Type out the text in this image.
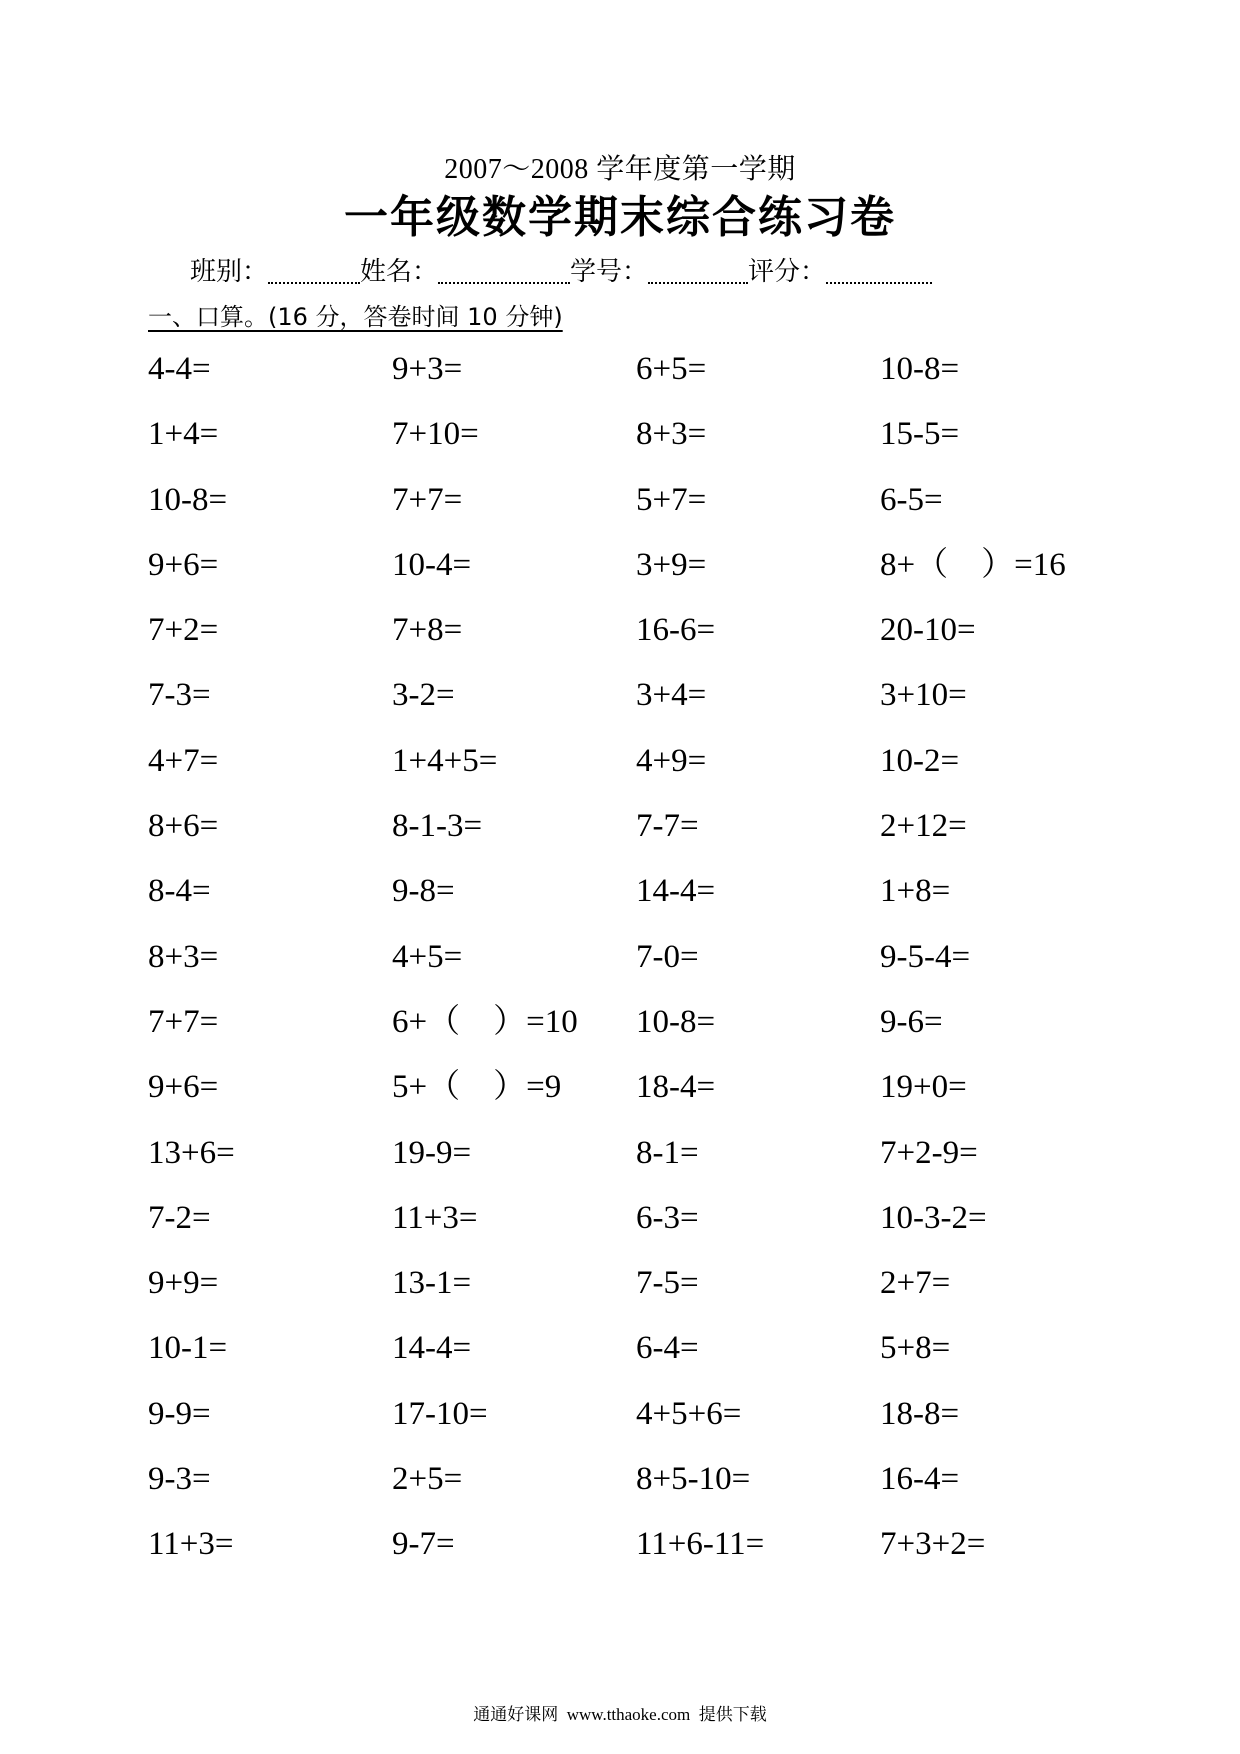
2007～2008 学年度第一学期
一年级数学期末综合练习卷
班别：	姓名：	学号：	评分：
一、口算。(16 分，答卷时间 10 分钟)
4-4=	9+3=	6+5=	10-8=
1+4=	7+10=	8+3=	15-5=
10-8=	7+7=	5+7=	6-5=
9+6=	10-4=	3+9=	8+（　）=16
7+2=	7+8=	16-6=	20-10=
7-3=	3-2=	3+4=	3+10=
4+7=	1+4+5=	4+9=	10-2=
8+6=	8-1-3=	7-7=	2+12=
8-4=	9-8=	14-4=	1+8=
8+3=	4+5=	7-0=	9-5-4=
7+7=	6+（　）=10	10-8=	9-6=
9+6=	5+（　）=9	18-4=	19+0=
13+6=	19-9=	8-1=	7+2-9=
7-2=	11+3=	6-3=	10-3-2=
9+9=	13-1=	7-5=	2+7=
10-1=	14-4=	6-4=	5+8=
9-9=	17-10=	4+5+6=	18-8=
9-3=	2+5=	8+5-10=	16-4=
11+3=	9-7=	11+6-11=	7+3+2=
通通好课网  www.tthaoke.com  提供下载
